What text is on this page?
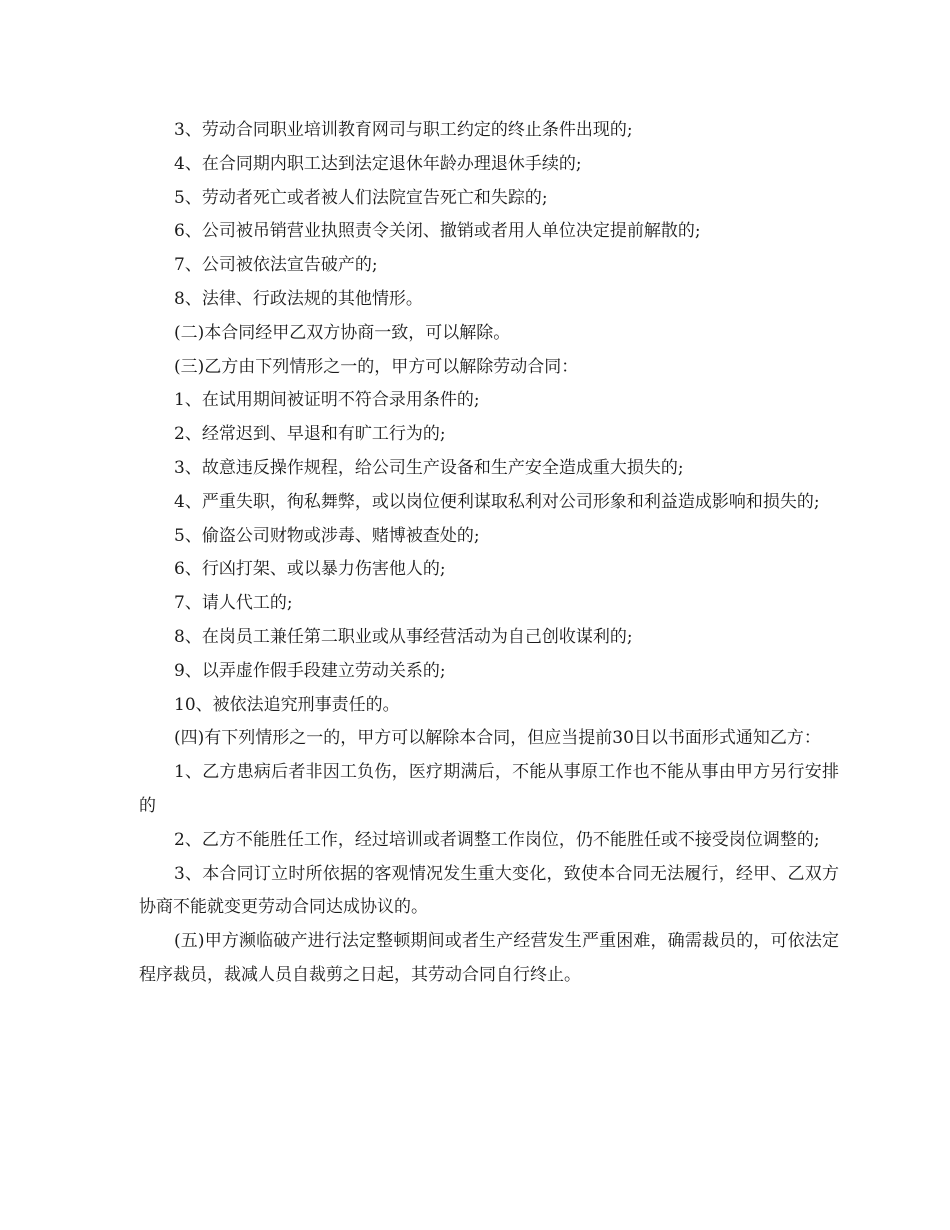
3、劳动合同职业培训教育网司与职工约定的终止条件出现的;

4、在合同期内职工达到法定退休年龄办理退休手续的;

5、劳动者死亡或者被人们法院宣告死亡和失踪的;

6、公司被吊销营业执照责令关闭、撤销或者用人单位决定提前解散的;

7、公司被依法宣告破产的;

8、法律、行政法规的其他情形。

(二)本合同经甲乙双方协商一致，可以解除。

(三)乙方由下列情形之一的，甲方可以解除劳动合同：

1、在试用期间被证明不符合录用条件的;

2、经常迟到、早退和有旷工行为的;

3、故意违反操作规程，给公司生产设备和生产安全造成重大损失的;

4、严重失职，徇私舞弊，或以岗位便利谋取私利对公司形象和利益造成影响和损失的;

5、偷盗公司财物或涉毒、赌博被查处的;

6、行凶打架、或以暴力伤害他人的;

7、请人代工的;

8、在岗员工兼任第二职业或从事经营活动为自己创收谋利的;

9、以弄虚作假手段建立劳动关系的;

10、被依法追究刑事责任的。

(四)有下列情形之一的，甲方可以解除本合同，但应当提前30日以书面形式通知乙方：

1、乙方患病后者非因工负伤，医疗期满后，不能从事原工作也不能从事由甲方另行安排的

2、乙方不能胜任工作，经过培训或者调整工作岗位，仍不能胜任或不接受岗位调整的;

3、本合同订立时所依据的客观情况发生重大变化，致使本合同无法履行，经甲、乙双方协商不能就变更劳动合同达成协议的。

(五)甲方濒临破产进行法定整顿期间或者生产经营发生严重困难，确需裁员的，可依法定程序裁员，裁减人员自裁剪之日起，其劳动合同自行终止。
